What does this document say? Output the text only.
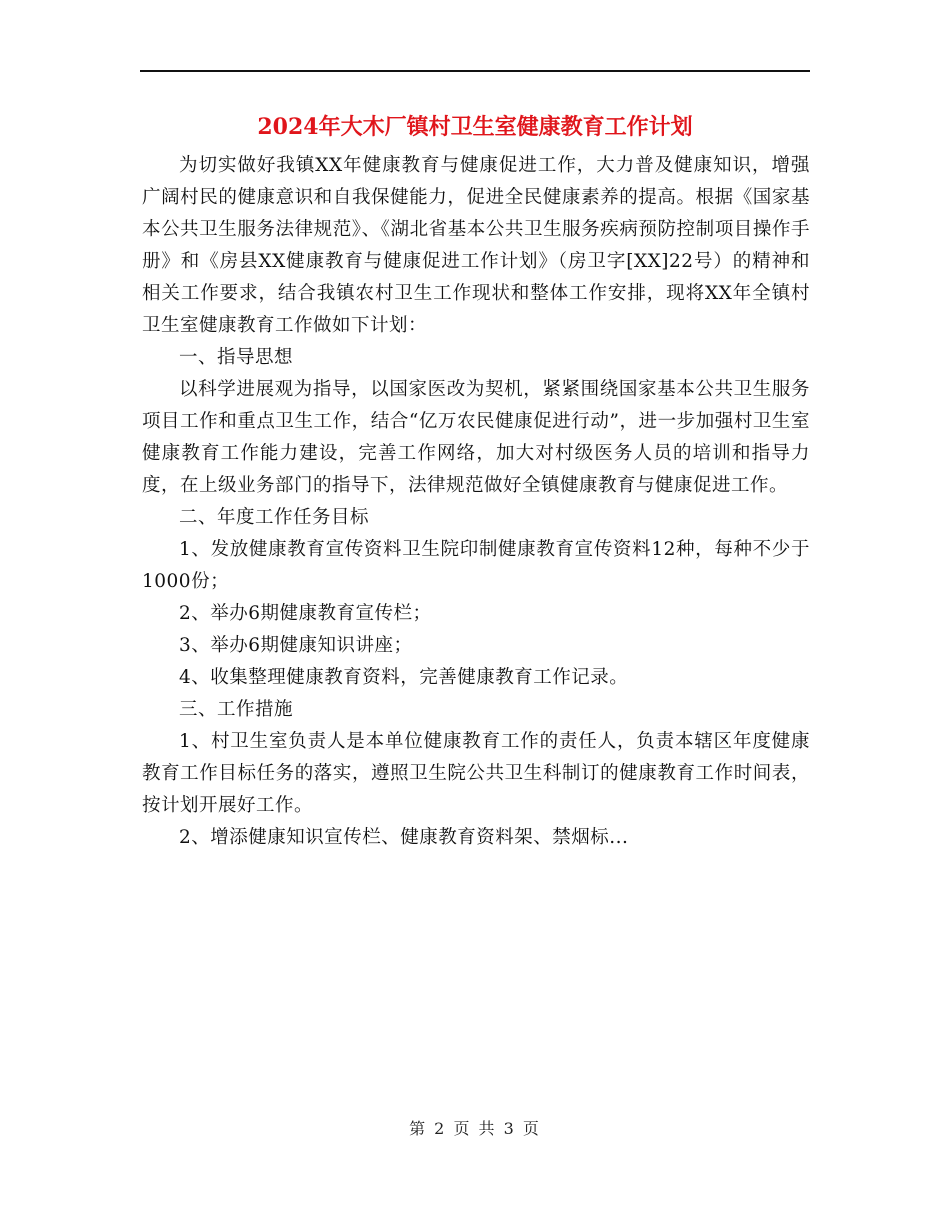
2024年大木厂镇村卫生室健康教育工作计划

为切实做好我镇XX年健康教育与健康促进工作，大力普及健康知识，增强广阔村民的健康意识和自我保健能力，促进全民健康素养的提高。根据《国家基本公共卫生服务法律规范》、《湖北省基本公共卫生服务疾病预防控制项目操作手册》和《房县XX健康教育与健康促进工作计划》（房卫字[XX]22号）的精神和相关工作要求，结合我镇农村卫生工作现状和整体工作安排，现将XX年全镇村卫生室健康教育工作做如下计划：

一、指导思想

以科学进展观为指导，以国家医改为契机，紧紧围绕国家基本公共卫生服务项目工作和重点卫生工作，结合“亿万农民健康促进行动”，进一步加强村卫生室健康教育工作能力建设，完善工作网络，加大对村级医务人员的培训和指导力度，在上级业务部门的指导下，法律规范做好全镇健康教育与健康促进工作。

二、年度工作任务目标

1、发放健康教育宣传资料卫生院印制健康教育宣传资料12种，每种不少于1000份；

2、举办6期健康教育宣传栏；

3、举办6期健康知识讲座；

4、收集整理健康教育资料，完善健康教育工作记录。

三、工作措施

1、村卫生室负责人是本单位健康教育工作的责任人，负责本辖区年度健康教育工作目标任务的落实，遵照卫生院公共卫生科制订的健康教育工作时间表，按计划开展好工作。

2、增添健康知识宣传栏、健康教育资料架、禁烟标...

第 2 页 共 3 页
